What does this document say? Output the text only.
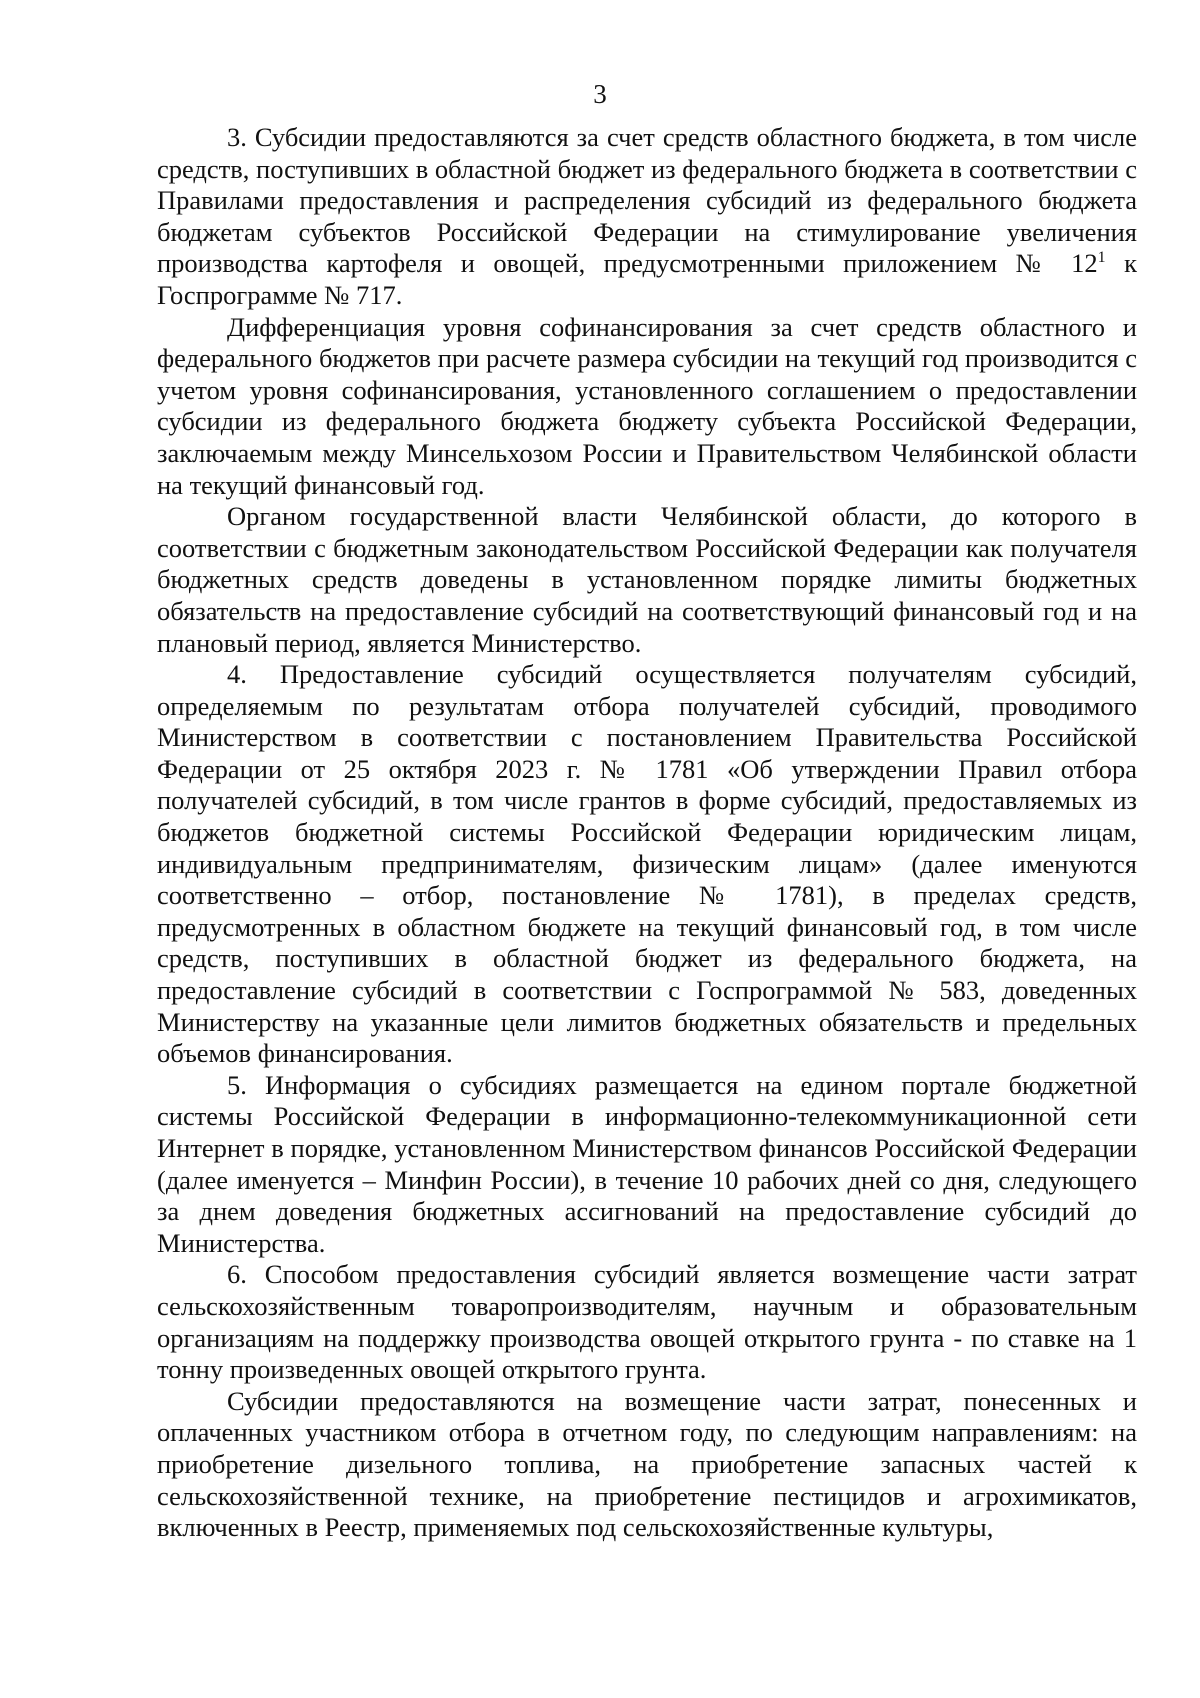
3

3. Субсидии предоставляются за счет средств областного бюджета, в том числе средств, поступивших в областной бюджет из федерального бюджета в соответствии с Правилами предоставления и распределения субсидий из федерального бюджета бюджетам субъектов Российской Федерации на стимулирование увеличения производства картофеля и овощей, предусмотренными приложением № $12^1$ к Госпрограмме № 717.

Дифференциация уровня софинансирования за счет средств областного и федерального бюджетов при расчете размера субсидии на текущий год производится с учетом уровня софинансирования, установленного соглашением о предоставлении субсидии из федерального бюджета бюджету субъекта Российской Федерации, заключаемым между Минсельхозом России и Правительством Челябинской области на текущий финансовый год.

Органом государственной власти Челябинской области, до которого в соответствии с бюджетным законодательством Российской Федерации как получателя бюджетных средств доведены в установленном порядке лимиты бюджетных обязательств на предоставление субсидий на соответствующий финансовый год и на плановый период, является Министерство.

4. Предоставление субсидий осуществляется получателям субсидий, определяемым по результатам отбора получателей субсидий, проводимого Министерством в соответствии с постановлением Правительства Российской Федерации от 25 октября 2023 г. № 1781 «Об утверждении Правил отбора получателей субсидий, в том числе грантов в форме субсидий, предоставляемых из бюджетов бюджетной системы Российской Федерации юридическим лицам, индивидуальным предпринимателям, физическим лицам» (далее именуются соответственно – отбор, постановление № 1781), в пределах средств, предусмотренных в областном бюджете на текущий финансовый год, в том числе средств, поступивших в областной бюджет из федерального бюджета, на предоставление субсидий в соответствии с Госпрограммой № 583, доведенных Министерству на указанные цели лимитов бюджетных обязательств и предельных объемов финансирования.

5. Информация о субсидиях размещается на едином портале бюджетной системы Российской Федерации в информационно-телекоммуникационной сети Интернет в порядке, установленном Министерством финансов Российской Федерации (далее именуется – Минфин России), в течение 10 рабочих дней со дня, следующего за днем доведения бюджетных ассигнований на предоставление субсидий до Министерства.

6. Способом предоставления субсидий является возмещение части затрат сельскохозяйственным товаропроизводителям, научным и образовательным организациям на поддержку производства овощей открытого грунта - по ставке на 1 тонну произведенных овощей открытого грунта.

Субсидии предоставляются на возмещение части затрат, понесенных и оплаченных участником отбора в отчетном году, по следующим направлениям: на приобретение дизельного топлива, на приобретение запасных частей к сельскохозяйственной технике, на приобретение пестицидов и агрохимикатов, включенных в Реестр, применяемых под сельскохозяйственные культуры,
